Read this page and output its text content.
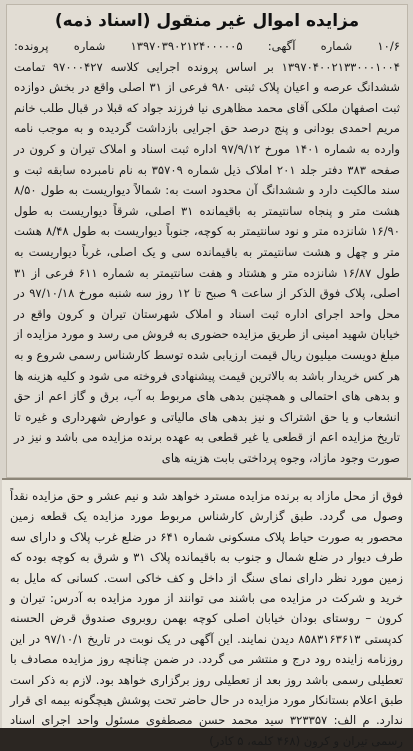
مزایده اموال غیر منقول (اسناد ذمه)

۱۰/۶ شماره آگهی: ۱۳۹۷۰۳۹۰۲۱۲۴۰۰۰۰۰۵ شماره پرونده: ۱۳۹۷۰۴۰۰۲۱۳۳۰۰۰۱۰۰۴ بر اساس پرونده اجرایی کلاسه ۹۷۰۰۰۴۲۷ تمامت ششدانگ عرصه و اعیان پلاک ثبتی ۹۸۰ فرعی از ۳۱ اصلی واقع در بخش دوازده ثبت اصفهان ملکی آقای محمد مظاهری نیا فرزند جواد که قبلا در قبال طلب خانم مریم احمدی بودانی و پنج درصد حق اجرایی بازداشت گردیده و به موجب نامه وارده به شماره ۱۴۰۱ مورخ ۹۷/۹/۱۲ اداره ثبت اسناد و املاک تیران و کرون در صفحه ۳۸۳ دفتر جلد ۲۰۱ املاک ذیل شماره ۳۵۷۰۹ به نام نامبرده سابقه ثبت و سند مالکیت دارد و ششدانگ آن محدود است به: شمالاً دیواریست به طول ۸/۵۰ هشت متر و پنجاه سانتیمتر به باقیمانده ۳۱ اصلی، شرقاً دیواریست به طول ۱۶/۹۰ شانزده متر و نود سانتیمتر به کوچه، جنوباً دیواریست به طول ۸/۴۸ هشت متر و چهل و هشت سانتیمتر به باقیمانده سی و یک اصلی، غرباً دیواریست به طول ۱۶/۸۷ شانزده متر و هشتاد و هفت سانتیمتر به شماره ۶۱۱ فرعی از ۳۱ اصلی، پلاک فوق الذکر از ساعت ۹ صبح تا ۱۲ روز سه شنبه مورخ ۹۷/۱۰/۱۸ در محل واحد اجرای اداره ثبت اسناد و املاک شهرستان تیران و کرون واقع در خیابان شهید امینی از طریق مزایده حضوری به فروش می رسد و مورد مزایده از مبلغ دویست میلیون ریال قیمت ارزیابی شده توسط کارشناس رسمی شروع و به هر کس خریدار باشد به بالاترین قیمت پیشنهادی فروخته می شود و کلیه هزینه ها و بدهی های احتمالی و همچنین بدهی های مربوط به آب، برق و گاز اعم از حق انشعاب و یا حق اشتراک و نیز بدهی های مالیاتی و عوارض شهرداری و غیره تا تاریخ مزایده اعم از قطعی یا غیر قطعی به عهده برنده مزایده می باشد و نیز در صورت وجود مازاد، وجوه پرداختی بابت هزینه های

فوق از محل مازاد به برنده مزایده مسترد خواهد شد و نیم عشر و حق مزایده نقداً وصول می گردد. طبق گزارش کارشناس مربوط مورد مزایده یک قطعه زمین محصور به صورت حیاط پلاک مسکونی شماره ۶۴۱ در ضلع غرب پلاک و دارای سه طرف دیوار در ضلع شمال و جنوب به باقیمانده پلاک ۳۱ و شرق به کوچه بوده که زمین مورد نظر دارای نمای سنگ از داخل و کف خاکی است. کسانی که مایل به خرید و شرکت در مزایده می باشند می توانند از مورد مزایده به آدرس: تیران و کرون – روستای بودان خیابان اصلی کوچه بهمن روبروی صندوق قرض الحسنه کدپستی ۸۵۸۳۱۶۳۶۱۳ دیدن نمایند. این آگهی در یک نوبت در تاریخ ۹۷/۱۰/۱ در این روزنامه زاینده رود درج و منتشر می گردد. در ضمن چنانچه روز مزایده مصادف با تعطیلی رسمی باشد روز بعد از تعطیلی روز برگزاری خواهد بود. لازم به ذکر است طبق اعلام بستانکار مورد مزایده در حال حاضر تحت پوشش هیچگونه بیمه ای قرار ندارد. م الف: ۳۲۳۳۵۷ سید محمد حسن مصطفوی مسئول واحد اجرای اسناد رسمی تیران و کرون (۴۶۸ کلمه، ۵ کادر)
